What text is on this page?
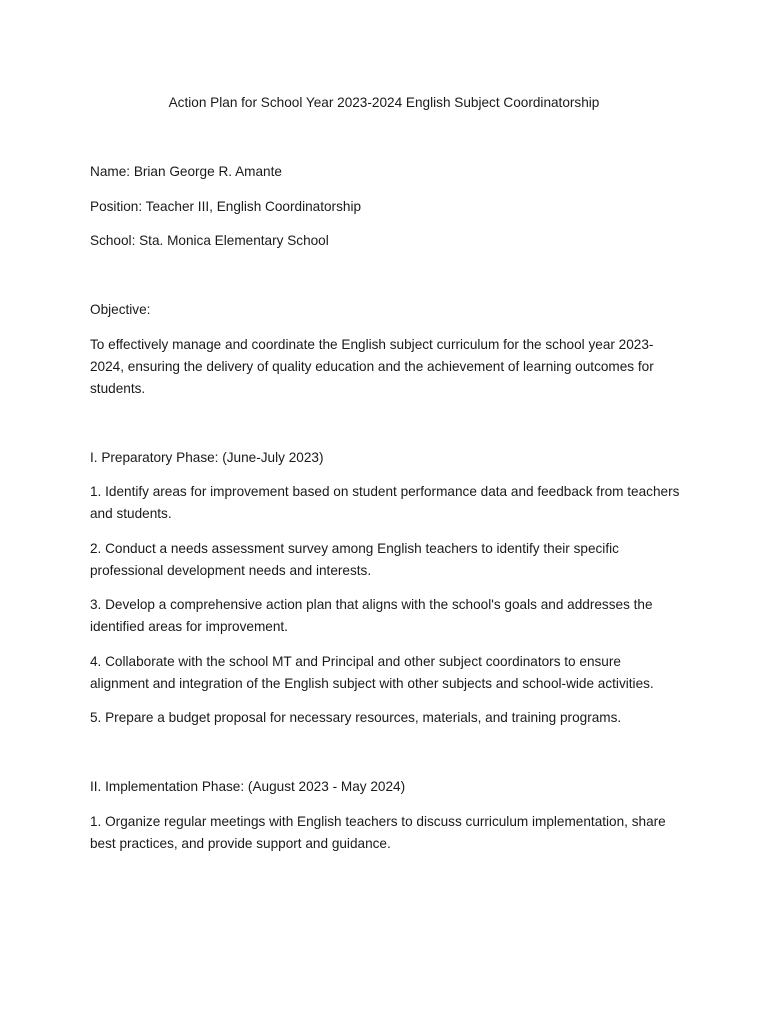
Action Plan for School Year 2023-2024 English Subject Coordinatorship

Name: Brian George R. Amante

Position: Teacher III, English Coordinatorship

School: Sta. Monica Elementary School

Objective:

To effectively manage and coordinate the English subject curriculum for the school year 2023-2024, ensuring the delivery of quality education and the achievement of learning outcomes for students.

I. Preparatory Phase: (June-July 2023)

1. Identify areas for improvement based on student performance data and feedback from teachers and students.

2. Conduct a needs assessment survey among English teachers to identify their specific professional development needs and interests.

3. Develop a comprehensive action plan that aligns with the school's goals and addresses the identified areas for improvement.

4. Collaborate with the school MT and Principal and other subject coordinators to ensure alignment and integration of the English subject with other subjects and school-wide activities.

5. Prepare a budget proposal for necessary resources, materials, and training programs.

II. Implementation Phase: (August 2023 - May 2024)

1. Organize regular meetings with English teachers to discuss curriculum implementation, share best practices, and provide support and guidance.
